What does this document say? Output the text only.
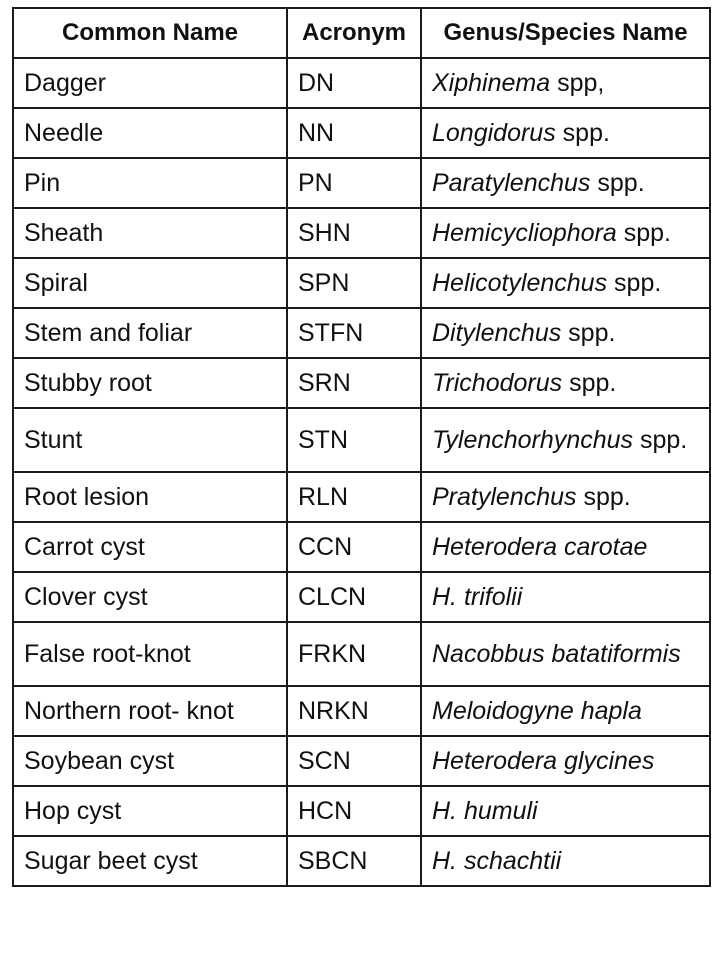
Common Name	Acronym	Genus/Species Name
Dagger	DN	Xiphinema spp,
Needle	NN	Longidorus spp.
Pin	PN	Paratylenchus spp.
Sheath	SHN	Hemicycliophora spp.
Spiral	SPN	Helicotylenchus spp.
Stem and foliar	STFN	Ditylenchus spp.
Stubby root	SRN	Trichodorus spp.
Stunt	STN	Tylenchorhynchus spp.
Root lesion	RLN	Pratylenchus spp.
Carrot cyst	CCN	Heterodera carotae
Clover cyst	CLCN	H. trifolii
False root-knot	FRKN	Nacobbus batatiformis
Northern root- knot	NRKN	Meloidogyne hapla
Soybean cyst	SCN	Heterodera glycines
Hop cyst	HCN	H. humuli
Sugar beet cyst	SBCN	H. schachtii
